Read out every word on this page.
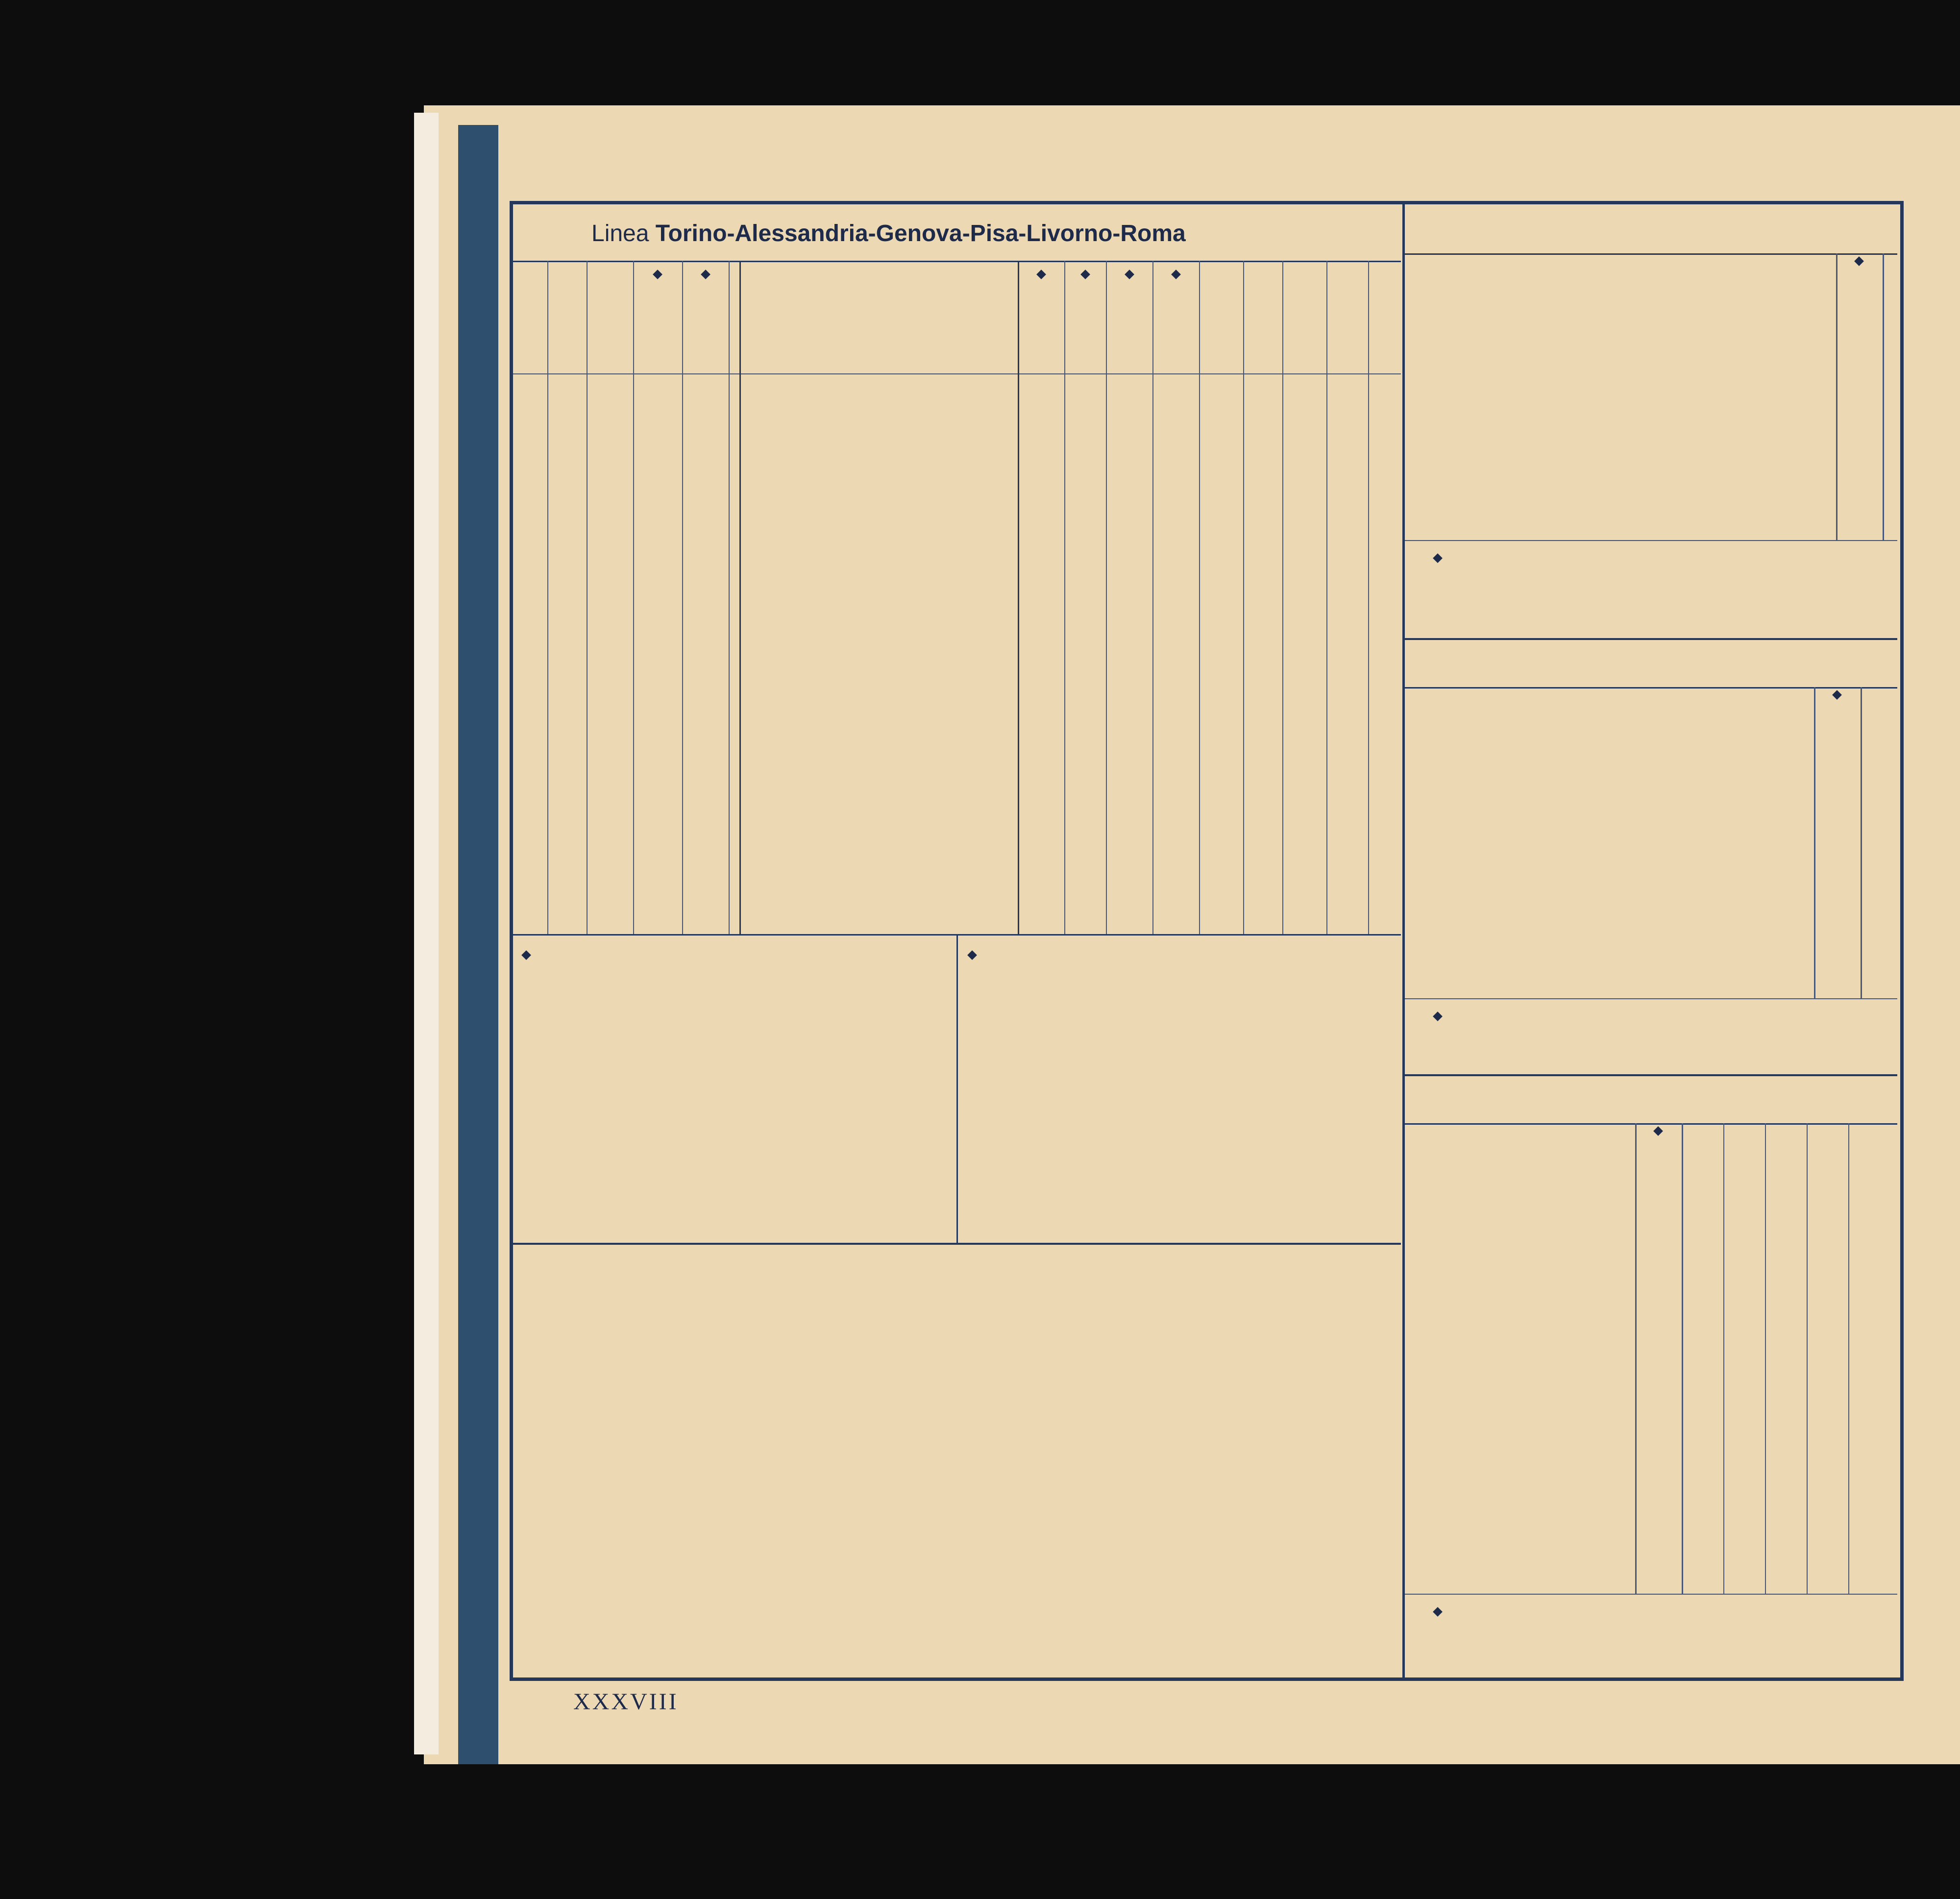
Linea Torino-Alessandria-Genova-Pisa-Livorno-Roma
XXXVIII
